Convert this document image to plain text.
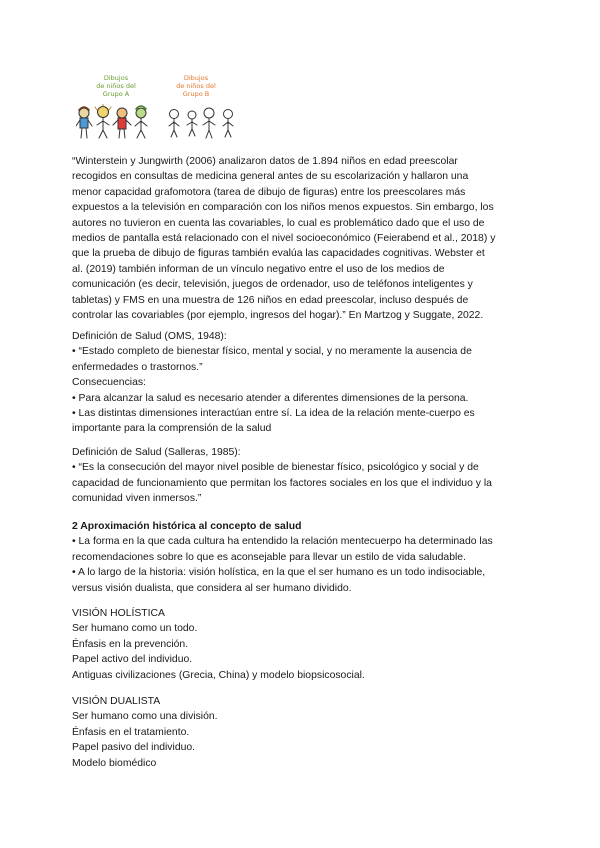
Dibujos
de niños del
Grupo A
Dibujos
de niños del
Grupo B
“Winterstein y Jungwirth (2006) analizaron datos de 1.894 niños en edad preescolar
recogidos en consultas de medicina general antes de su escolarización y hallaron una
menor capacidad grafomotora (tarea de dibujo de figuras) entre los preescolares más
expuestos a la televisión en comparación con los niños menos expuestos. Sin embargo, los
autores no tuvieron en cuenta las covariables, lo cual es problemático dado que el uso de
medios de pantalla está relacionado con el nivel socioeconómico (Feierabend et al., 2018) y
que la prueba de dibujo de figuras también evalúa las capacidades cognitivas. Webster et
al. (2019) también informan de un vínculo negativo entre el uso de los medios de
comunicación (es decir, televisión, juegos de ordenador, uso de teléfonos inteligentes y
tabletas) y FMS en una muestra de 126 niños en edad preescolar, incluso después de
controlar las covariables (por ejemplo, ingresos del hogar).” En Martzog y Suggate, 2022.
Definición de Salud (OMS, 1948):
• “Estado completo de bienestar físico, mental y social, y no meramente la ausencia de
enfermedades o trastornos.”
Consecuencias:
• Para alcanzar la salud es necesario atender a diferentes dimensiones de la persona.
• Las distintas dimensiones interactúan entre sí. La idea de la relación mente-cuerpo es
importante para la comprensión de la salud
Definición de Salud (Salleras, 1985):
• “Es la consecución del mayor nivel posible de bienestar físico, psicológico y social y de
capacidad de funcionamiento que permitan los factores sociales en los que el individuo y la
comunidad viven inmersos.”
2 Aproximación histórica al concepto de salud
• La forma en la que cada cultura ha entendido la relación mentecuerpo ha determinado las
recomendaciones sobre lo que es aconsejable para llevar un estilo de vida saludable.
• A lo largo de la historia: visión holística, en la que el ser humano es un todo indisociable,
versus visión dualista, que considera al ser humano dividido.
VISIÓN HOLÍSTICA
Ser humano como un todo.
Énfasis en la prevención.
Papel activo del individuo.
Antiguas civilizaciones (Grecia, China) y modelo biopsicosocial.
VISIÓN DUALISTA
Ser humano como una división.
Énfasis en el tratamiento.
Papel pasivo del individuo.
Modelo biomédico
